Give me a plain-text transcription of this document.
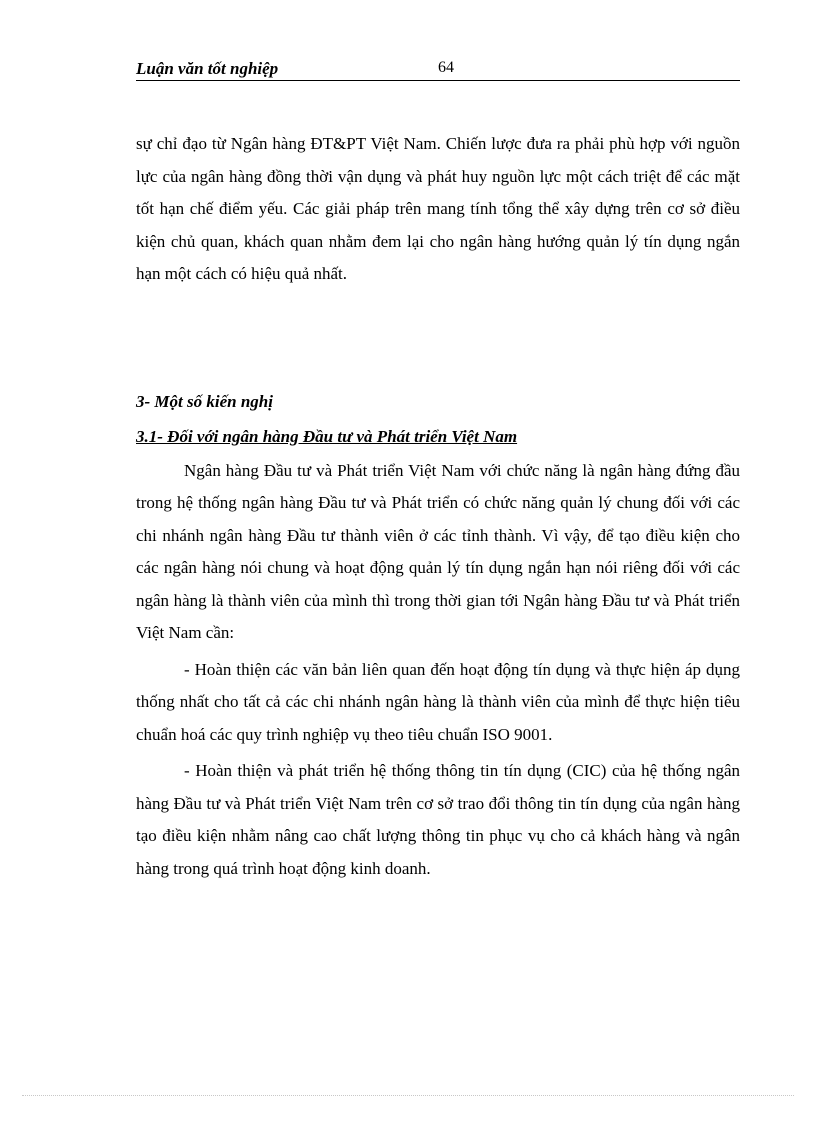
Luận văn tốt nghiệp	64

sự chỉ đạo từ Ngân hàng ĐT&PT Việt Nam. Chiến lược đưa ra phải phù hợp với nguồn lực của ngân hàng đồng thời vận dụng và phát huy nguồn lực một cách triệt để các mặt tốt hạn chế điểm yếu. Các giải pháp trên mang tính tổng thể xây dựng trên cơ sở điều kiện chủ quan, khách quan nhằm đem lại cho ngân hàng hướng quản lý tín dụng ngắn hạn một cách có hiệu quả nhất.

3- Một số kiến nghị
3.1- Đối với ngân hàng Đầu tư và Phát triển Việt Nam

Ngân hàng Đầu tư và Phát triển Việt Nam với chức năng là ngân hàng đứng đầu trong hệ thống ngân hàng Đầu tư và Phát triển có chức năng quản lý chung đối với các chi nhánh ngân hàng Đầu tư thành viên ở các tỉnh thành. Vì vậy, để tạo điều kiện cho các ngân hàng nói chung và hoạt động quản lý tín dụng ngắn hạn nói riêng đối với các ngân hàng là thành viên của mình thì trong thời gian tới Ngân hàng Đầu tư và Phát triển Việt Nam cần:

- Hoàn thiện các văn bản liên quan đến hoạt động tín dụng và thực hiện áp dụng thống nhất cho tất cả các chi nhánh ngân hàng là thành viên của mình để thực hiện tiêu chuẩn hoá các quy trình nghiệp vụ theo tiêu chuẩn ISO 9001.

- Hoàn thiện và phát triển hệ thống thông tin tín dụng (CIC) của hệ thống ngân hàng Đầu tư và Phát triển Việt Nam trên cơ sở trao đổi thông tin tín dụng của ngân hàng tạo điều kiện nhằm nâng cao chất lượng thông tin phục vụ cho cả khách hàng và ngân hàng trong quá trình hoạt động kinh doanh.
